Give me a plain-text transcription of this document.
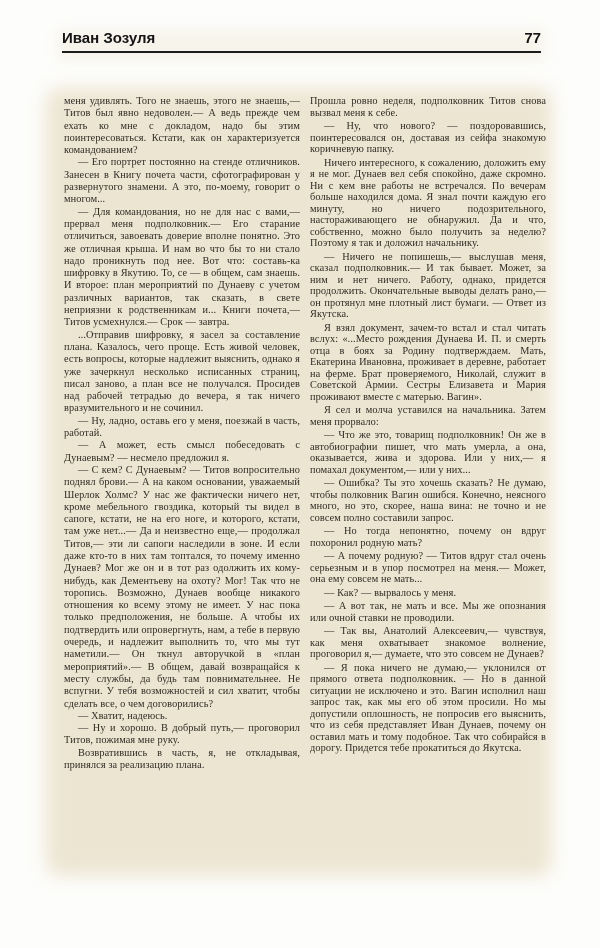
Иван Зозуля	77

меня удивлять. Того не знаешь, этого не знаешь,— Титов был явно недоволен.— А ведь прежде чем ехать ко мне с докладом, надо бы этим поинтересоваться. Кстати, как он характеризуется командованием?

— Его портрет постоянно на стенде отличников. Занесен в Книгу почета части, сфотографирован у развернутого знамени. А это, по-моему, говорит о многом...

— Для командования, но не для нас с вами,— прервал меня подполковник.— Его старание отличиться, завоевать доверие вполне понятно. Это же отличная крыша. И нам во что бы то ни стало надо проникнуть под нее. Вот что: составь-ка шифровку в Якутию. То, се — в общем, сам знаешь. И второе: план мероприятий по Дунаеву с учетом различных вариантов, так сказать, в свете неприязни к родственникам и... Книги почета,— Титов усмехнулся.— Срок — завтра.

...Отправив шифровку, я засел за составление плана. Казалось, чего проще. Есть живой человек, есть вопросы, которые надлежит выяснить, однако я уже зачеркнул несколько исписанных страниц, писал заново, а план все не получался. Просидев над рабочей тетрадью до вечера, я так ничего вразумительного и не сочинил.

— Ну, ладно, оставь его у меня, поезжай в часть, работай.

— А может, есть смысл побеседовать с Дунаевым? — несмело предложил я.

— С кем? С Дунаевым? — Титов вопросительно поднял брови.— А на каком основании, уважаемый Шерлок Холмс? У нас же фактически ничего нет, кроме мебельного гвоздика, который ты видел в сапоге, кстати, не на его ноге, и которого, кстати, там уже нет...— Да и неизвестно еще,— продолжал Титов,— эти ли сапоги наследили в зоне. И если даже кто-то в них там топтался, то почему именно Дунаев? Мог же он и в тот раз одолжить их кому-нибудь, как Дементьеву на охоту? Мог! Так что не торопись. Возможно, Дунаев вообще никакого отношения ко всему этому не имеет. У нас пока только предположения, не больше. А чтобы их подтвердить или опровергнуть, нам, а тебе в первую очередь, и надлежит выполнить то, что мы тут наметили.— Он ткнул авторучкой в «план мероприятий».— В общем, давай возвращайся к месту службы, да будь там повнимательнее. Не вспугни. У тебя возможностей и сил хватит, чтобы сделать все, о чем договорились?

— Хватит, надеюсь.

— Ну и хорошо. В добрый путь,— проговорил Титов, пожимая мне руку.

Возвратившись в часть, я, не откладывая, принялся за реализацию плана.

Прошла ровно неделя, подполковник Титов снова вызвал меня к себе.

— Ну, что нового? — поздоровавшись, поинтересовался он, доставая из сейфа знакомую коричневую папку.

Ничего интересного, к сожалению, доложить ему я не мог. Дунаев вел себя спокойно, даже скромно. Ни с кем вне работы не встречался. По вечерам больше находился дома. Я знал почти каждую его минуту, но ничего подозрительного, настораживающего не обнаружил. Да и что, собственно, можно было получить за неделю? Поэтому я так и доложил начальнику.

— Ничего не попишешь,— выслушав меня, сказал подполковник.— И так бывает. Может, за ним и нет ничего. Работу, однако, придется продолжить. Окончательные выводы делать рано,— он протянул мне плотный лист бумаги. — Ответ из Якутска.

Я взял документ, зачем-то встал и стал читать вслух: «...Место рождения Дунаева И. П. и смерть отца в боях за Родину подтверждаем. Мать, Екатерина Ивановна, проживает в деревне, работает на ферме. Брат проверяемого, Николай, служит в Советской Армии. Сестры Елизавета и Мария проживают вместе с матерью. Вагин».

Я сел и молча уставился на начальника. Затем меня прорвало:

— Что же это, товарищ подполковник! Он же в автобиографии пишет, что мать умерла, а она, оказывается, жива и здорова. Или у них,— я помахал документом,— или у них...

— Ошибка? Ты это хочешь сказать? Не думаю, чтобы полковник Вагин ошибся. Конечно, неясного много, но это, скорее, наша вина: не точно и не совсем полно составили запрос.

— Но тогда непонятно, почему он вдруг похоронил родную мать?

— А почему родную? — Титов вдруг стал очень серьезным и в упор посмотрел на меня.— Может, она ему совсем не мать...

— Как? — вырвалось у меня.

— А вот так, не мать и все. Мы же опознания или очной ставки не проводили.

— Так вы, Анатолий Алексеевич,— чувствуя, как меня охватывает знакомое волнение, проговорил я,— думаете, что это совсем не Дунаев?

— Я пока ничего не думаю,— уклонился от прямого ответа подполковник. — Но в данной ситуации не исключено и это. Вагин исполнил наш запрос так, как мы его об этом просили. Но мы допустили оплошность, не попросив его выяснить, что из себя представляет Иван Дунаев, почему он оставил мать и тому подобное. Так что собирайся в дорогу. Придется тебе прокатиться до Якутска.
